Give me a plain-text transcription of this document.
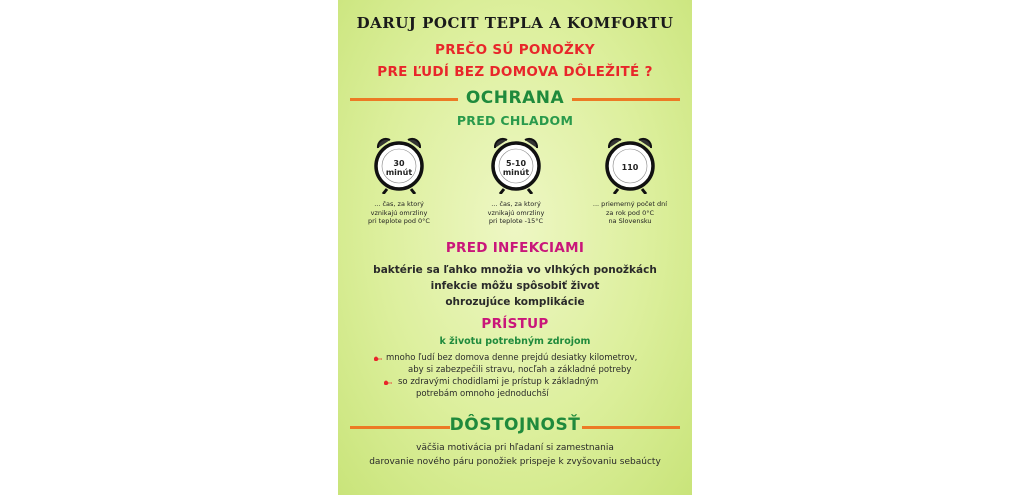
DARUJ POCIT TEPLA A KOMFORTU
PREČO SÚ PONOŽKY
PRE ĽUDÍ BEZ DOMOVA DÔLEŽITÉ ?
OCHRANA
PRED CHLADOM
30
minút
... čas, za ktorý
vznikajú omrzliny
pri teplote pod 0°C
5-10
minút
... čas, za ktorý
vznikajú omrzliny
pri teplote -15°C
110
... priemerný počet dní
za rok pod 0°C
na Slovensku
PRED INFEKCIAMI
baktérie sa ľahko množia vo vlhkých ponožkách
infekcie môžu spôsobiť život
ohrozujúce komplikácie
PRÍSTUP
k životu potrebným zdrojom
mnoho ľudí bez domova denne prejdú desiatky kilometrov,
aby si zabezpečili stravu, nocľah a základné potreby
so zdravými chodidlami je prístup k základným
potrebám omnoho jednoduchší
DÔSTOJNOSŤ
väčšia motivácia pri hľadaní si zamestnania
darovanie nového páru ponožiek prispeje k zvyšovaniu sebaúcty
